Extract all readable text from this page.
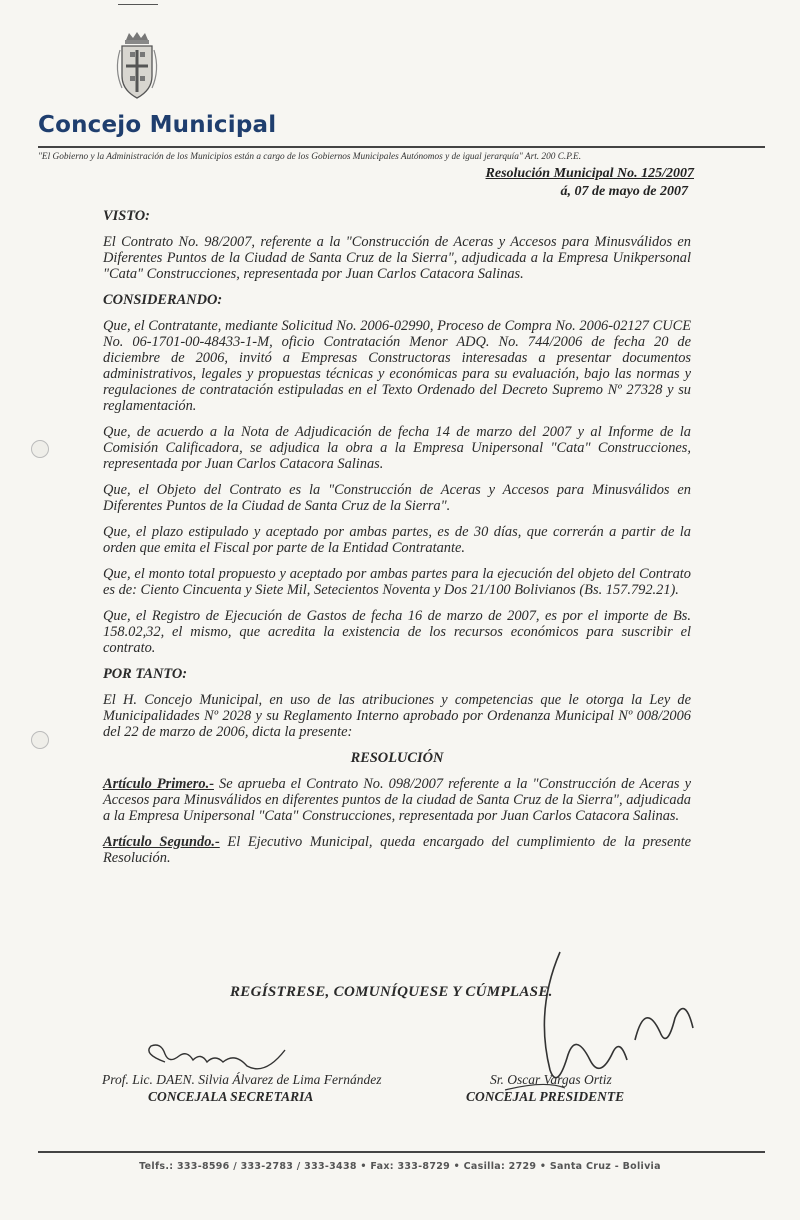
Concejo Municipal
"El Gobierno y la Administración de los Municipios están a cargo de los Gobiernos Municipales Autónomos y de igual jerarquía" Art. 200 C.P.E.
Resolución Municipal No. 125/2007
á, 07 de mayo de 2007
VISTO:

El Contrato No. 98/2007, referente a la "Construcción de Aceras y Accesos para Minusválidos en Diferentes Puntos de la Ciudad de Santa Cruz de la Sierra", adjudicada a la Empresa Unikpersonal "Cata" Construcciones, representada por Juan Carlos Catacora Salinas.

CONSIDERANDO:

Que, el Contratante, mediante Solicitud No. 2006-02990, Proceso de Compra No. 2006-02127 CUCE No. 06-1701-00-48433-1-M, oficio Contratación Menor ADQ. No. 744/2006 de fecha 20 de diciembre de 2006, invitó a Empresas Constructoras interesadas a presentar documentos administrativos, legales y propuestas técnicas y económicas para su evaluación, bajo las normas y regulaciones de contratación estipuladas en el Texto Ordenado del Decreto Supremo Nº 27328 y su reglamentación.

Que, de acuerdo a la Nota de Adjudicación de fecha 14 de marzo del 2007 y al Informe de la Comisión Calificadora, se adjudica la obra a la Empresa Unipersonal "Cata" Construcciones, representada por Juan Carlos Catacora Salinas.

Que, el Objeto del Contrato es la "Construcción de Aceras y Accesos para Minusválidos en Diferentes Puntos de la Ciudad de Santa Cruz de la Sierra".

Que, el plazo estipulado y aceptado por ambas partes, es de 30 días, que correrán a partir de la orden que emita el Fiscal por parte de la Entidad Contratante.

Que, el monto total propuesto y aceptado por ambas partes para la ejecución del objeto del Contrato es de: Ciento Cincuenta y Siete Mil, Setecientos Noventa y Dos 21/100 Bolivianos (Bs. 157.792.21).

Que, el Registro de Ejecución de Gastos de fecha 16 de marzo de 2007, es por el importe de Bs. 158.02,32, el mismo, que acredita la existencia de los recursos económicos para suscribir el contrato.

POR TANTO:

El H. Concejo Municipal, en uso de las atribuciones y competencias que le otorga la Ley de Municipalidades Nº 2028 y su Reglamento Interno aprobado por Ordenanza Municipal Nº 008/2006 del 22 de marzo de 2006, dicta la presente:

RESOLUCIÓN

Artículo Primero.- Se aprueba el Contrato No. 098/2007 referente a la "Construcción de Aceras y Accesos para Minusválidos en diferentes puntos de la ciudad de Santa Cruz de la Sierra", adjudicada a la Empresa Unipersonal "Cata" Construcciones, representada por Juan Carlos Catacora Salinas.

Artículo Segundo.- El Ejecutivo Municipal, queda encargado del cumplimiento de la presente Resolución.

REGÍSTRESE, COMUNÍQUESE Y CÚMPLASE.
Prof. Lic. DAEN. Silvia Álvarez de Lima Fernández
CONCEJALA SECRETARIA
Sr. Oscar Vargas Ortiz
CONCEJAL PRESIDENTE
Telfs.: 333-8596 / 333-2783 / 333-3438 • Fax: 333-8729 • Casilla: 2729 • Santa Cruz - Bolivia
